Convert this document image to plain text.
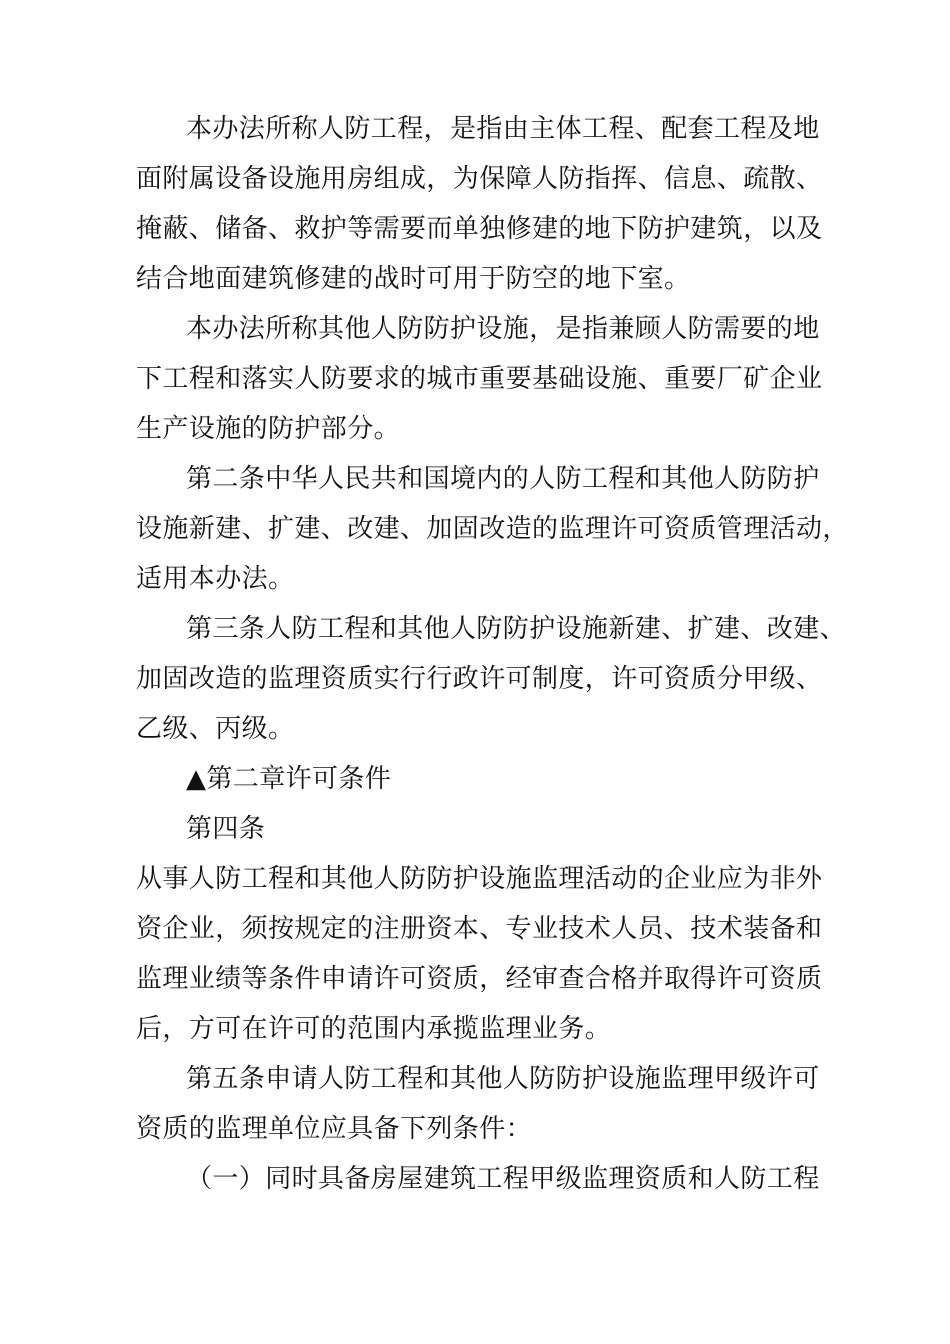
本办法所称人防工程，是指由主体工程、配套工程及地
面附属设备设施用房组成，为保障人防指挥、信息、疏散、
掩蔽、储备、救护等需要而单独修建的地下防护建筑，以及
结合地面建筑修建的战时可用于防空的地下室。
本办法所称其他人防防护设施，是指兼顾人防需要的地
下工程和落实人防要求的城市重要基础设施、重要厂矿企业
生产设施的防护部分。
第二条中华人民共和国境内的人防工程和其他人防防护
设施新建、扩建、改建、加固改造的监理许可资质管理活动，
适用本办法。
第三条人防工程和其他人防防护设施新建、扩建、改建、
加固改造的监理资质实行行政许可制度，许可资质分甲级、
乙级、丙级。
▲第二章许可条件
第四条
从事人防工程和其他人防防护设施监理活动的企业应为非外
资企业，须按规定的注册资本、专业技术人员、技术装备和
监理业绩等条件申请许可资质，经审查合格并取得许可资质
后，方可在许可的范围内承揽监理业务。
第五条申请人防工程和其他人防防护设施监理甲级许可
资质的监理单位应具备下列条件：
（一）同时具备房屋建筑工程甲级监理资质和人防工程
